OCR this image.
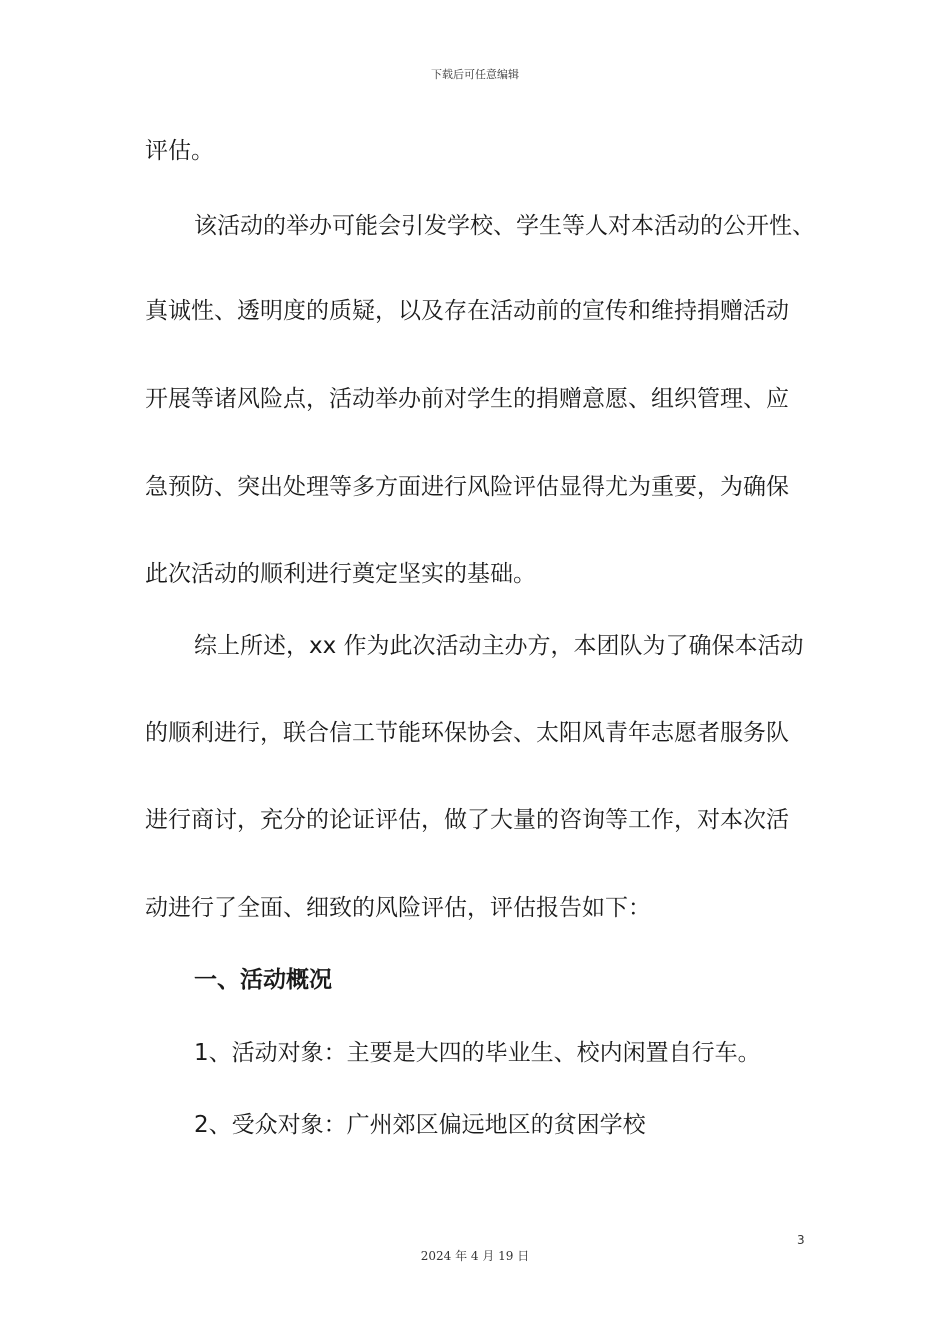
下载后可任意编辑
评估。
该活动的举办可能会引发学校、学生等人对本活动的公开性、
真诚性、透明度的质疑，以及存在活动前的宣传和维持捐赠活动
开展等诸风险点，活动举办前对学生的捐赠意愿、组织管理、应
急预防、突出处理等多方面进行风险评估显得尤为重要，为确保
此次活动的顺利进行奠定坚实的基础。
综上所述，xx 作为此次活动主办方，本团队为了确保本活动
的顺利进行，联合信工节能环保协会、太阳风青年志愿者服务队
进行商讨，充分的论证评估，做了大量的咨询等工作，对本次活
动进行了全面、细致的风险评估，评估报告如下：
一、活动概况
1、活动对象：主要是大四的毕业生、校内闲置自行车。
2、受众对象：广州郊区偏远地区的贫困学校
3
2024 年 4 月 19 日
